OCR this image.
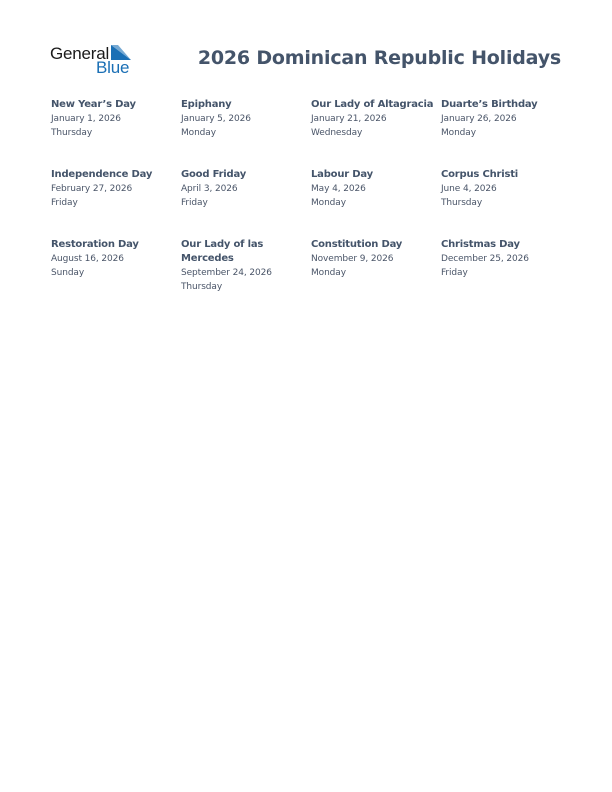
General
Blue	2026 Dominican Republic Holidays
New Year’s Day
January 1, 2026
Thursday
Epiphany
January 5, 2026
Monday
Our Lady of Altagracia
January 21, 2026
Wednesday
Duarte’s Birthday
January 26, 2026
Monday
Independence Day
February 27, 2026
Friday
Good Friday
April 3, 2026
Friday
Labour Day
May 4, 2026
Monday
Corpus Christi
June 4, 2026
Thursday
Restoration Day
August 16, 2026
Sunday
Our Lady of las Mercedes
September 24, 2026
Thursday
Constitution Day
November 9, 2026
Monday
Christmas Day
December 25, 2026
Friday
